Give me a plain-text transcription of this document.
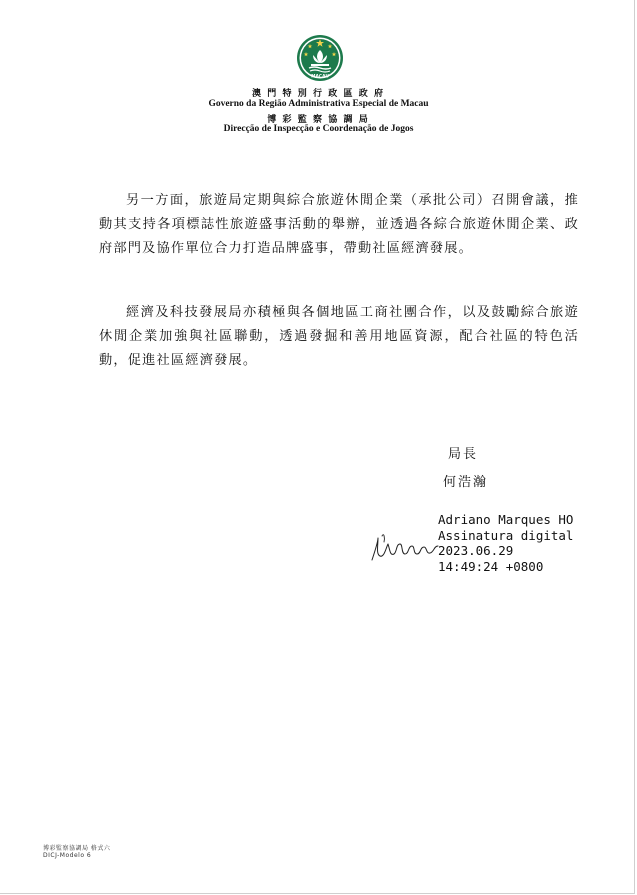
MACAU
澳 門 特 別 行 政 區 政 府
Governo da Região Administrativa Especial de Macau
博 彩 監 察 協 調 局
Direcção de Inspecção e Coordenação de Jogos

另一方面，旅遊局定期與綜合旅遊休閒企業（承批公司）召開會議，推動其支持各項標誌性旅遊盛事活動的舉辦，並透過各綜合旅遊休閒企業、政府部門及協作單位合力打造品牌盛事，帶動社區經濟發展。

經濟及科技發展局亦積極與各個地區工商社團合作，以及鼓勵綜合旅遊休閒企業加強與社區聯動，透過發掘和善用地區資源，配合社區的特色活動，促進社區經濟發展。

局長
何浩瀚
Adriano Marques HO
Assinatura digital
2023.06.29
14:49:24 +0800
博彩監察協調局 格式六
DICJ-Modelo 6
